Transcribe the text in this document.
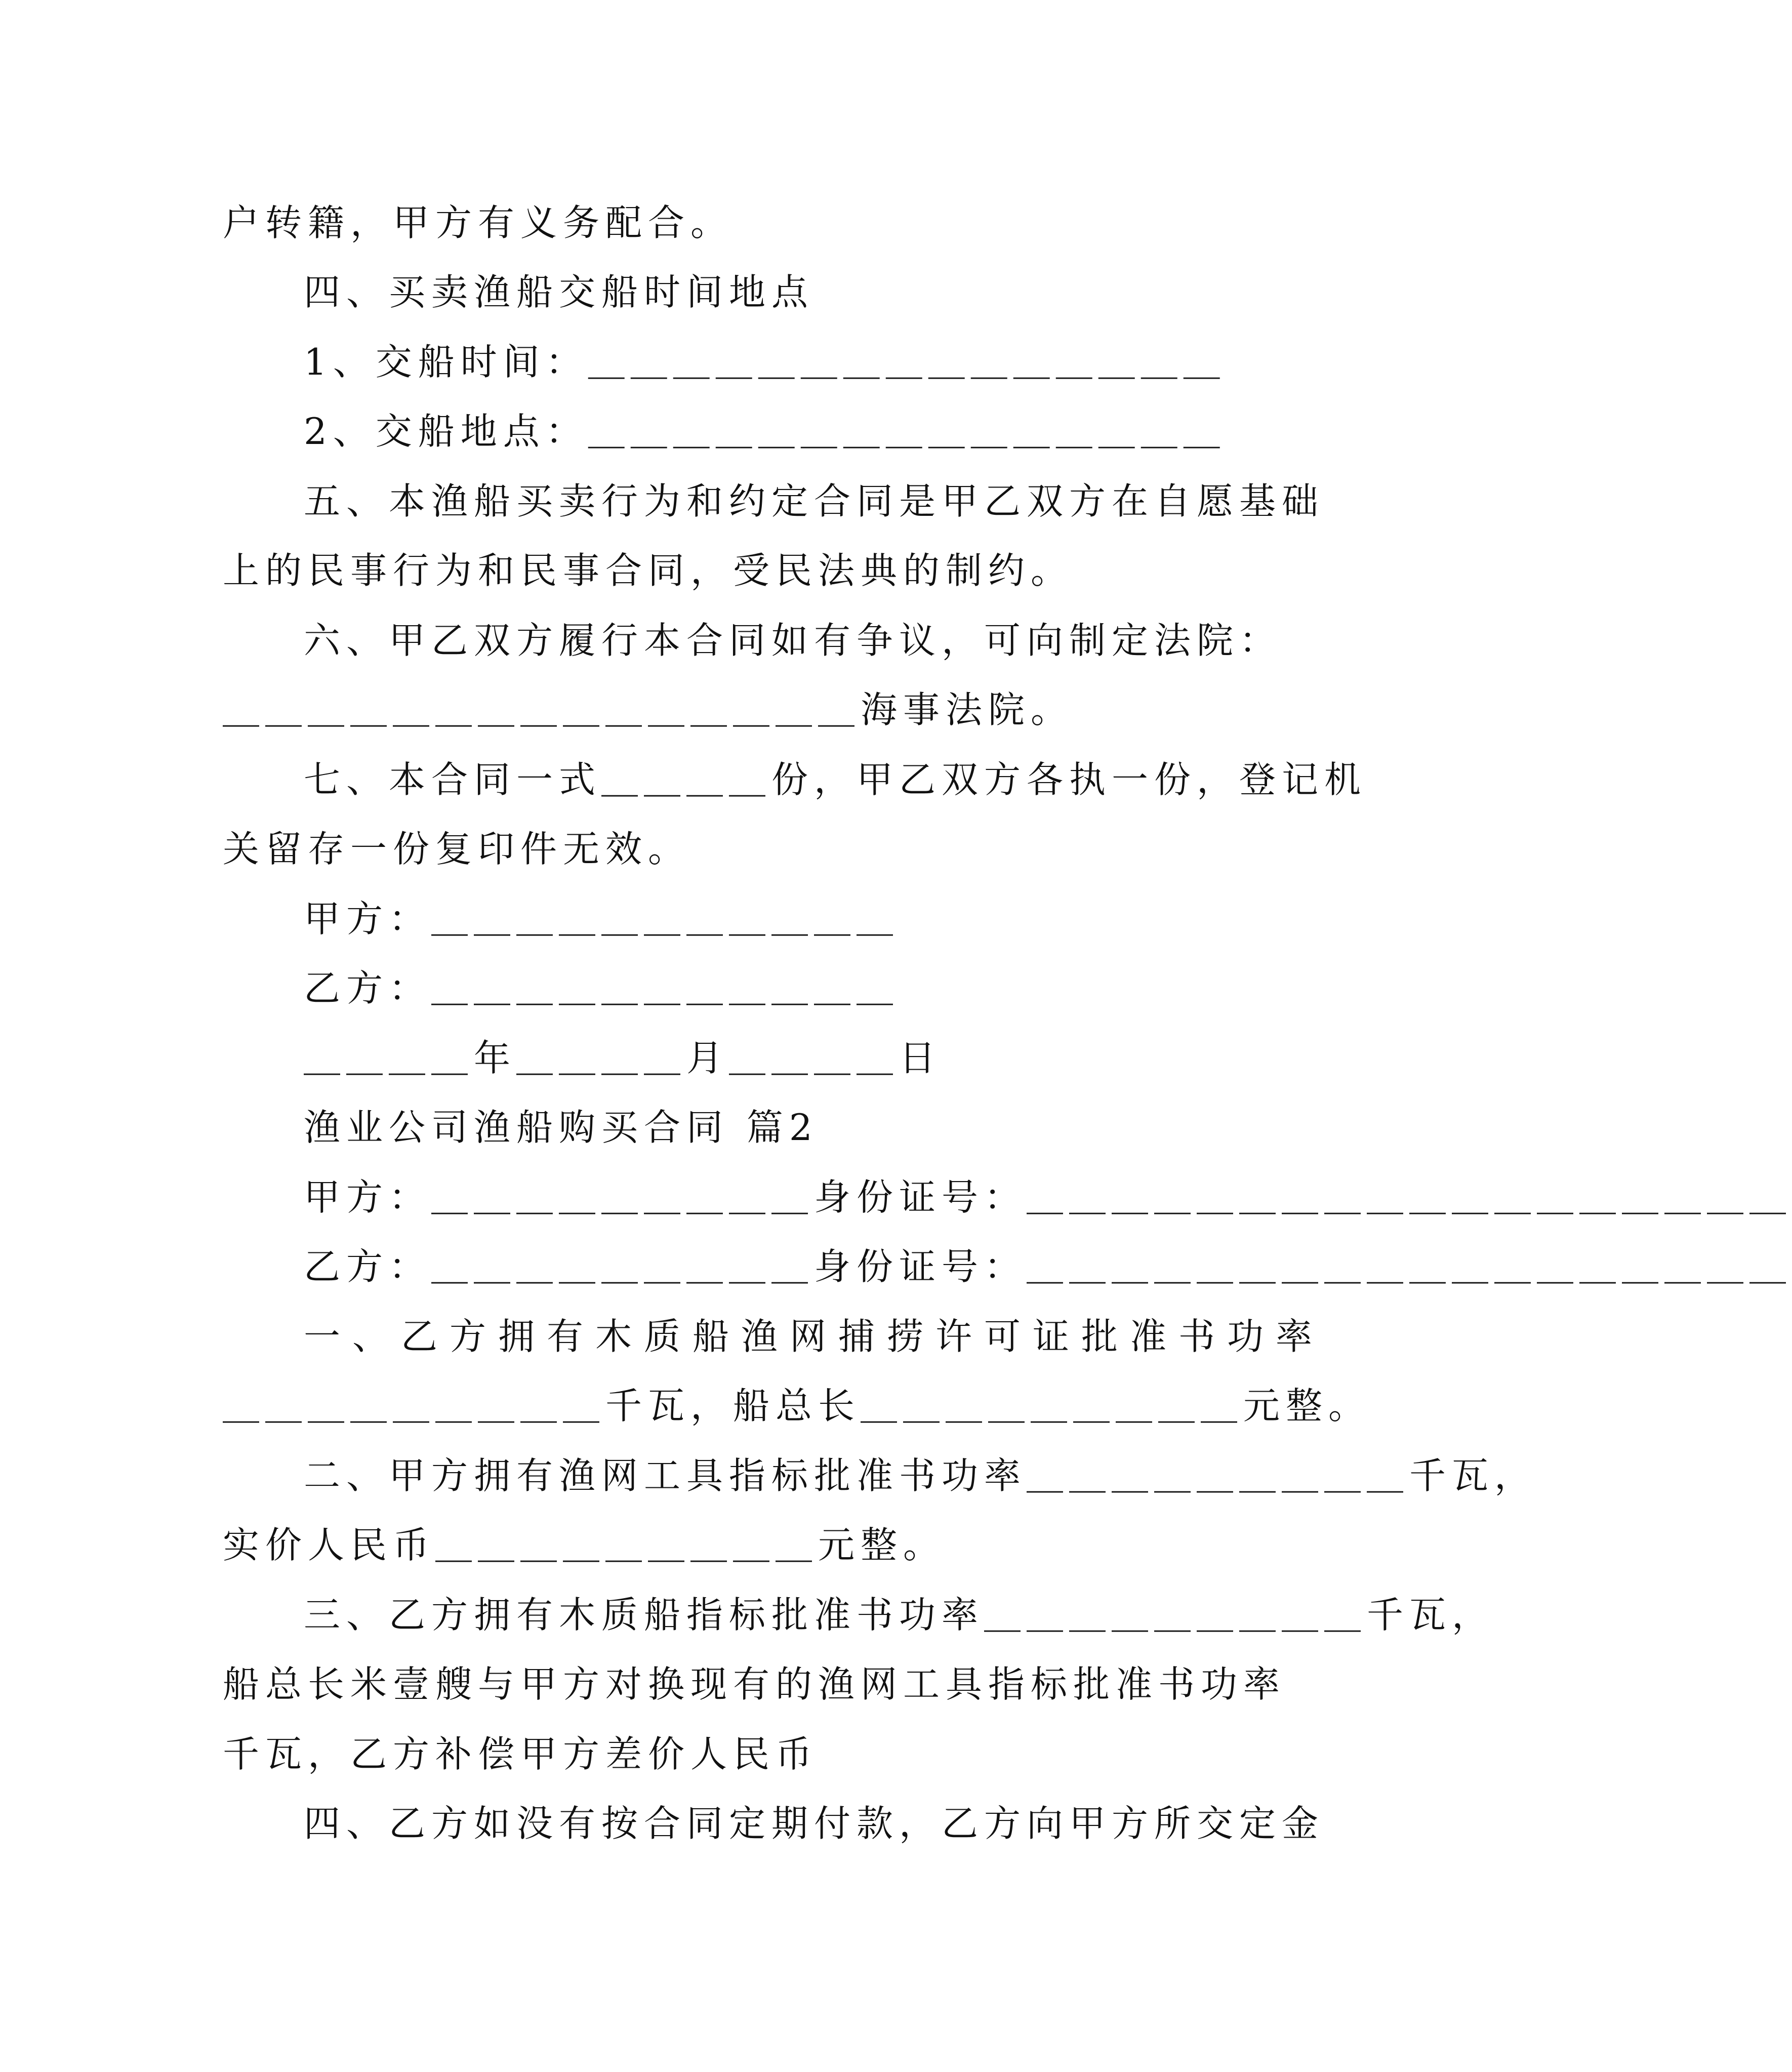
户转籍，甲方有义务配合。
四、买卖渔船交船时间地点
1、交船时间：＿＿＿＿＿＿＿＿＿＿＿＿＿＿＿
2、交船地点：＿＿＿＿＿＿＿＿＿＿＿＿＿＿＿
五、本渔船买卖行为和约定合同是甲乙双方在自愿基础
上的民事行为和民事合同，受民法典的制约。
六、甲乙双方履行本合同如有争议，可向制定法院：
＿＿＿＿＿＿＿＿＿＿＿＿＿＿＿海事法院。
七、本合同一式＿＿＿＿份，甲乙双方各执一份，登记机
关留存一份复印件无效。
甲方：＿＿＿＿＿＿＿＿＿＿＿
乙方：＿＿＿＿＿＿＿＿＿＿＿
＿＿＿＿年＿＿＿＿月＿＿＿＿日
渔业公司渔船购买合同 篇2
甲方：＿＿＿＿＿＿＿＿＿身份证号：＿＿＿＿＿＿＿＿＿＿＿＿＿＿＿＿＿＿
乙方：＿＿＿＿＿＿＿＿＿身份证号：＿＿＿＿＿＿＿＿＿＿＿＿＿＿＿＿＿＿
一、乙方拥有木质船渔网捕捞许可证批准书功率
＿＿＿＿＿＿＿＿＿千瓦，船总长＿＿＿＿＿＿＿＿＿元整。
二、甲方拥有渔网工具指标批准书功率＿＿＿＿＿＿＿＿＿千瓦，
实价人民币＿＿＿＿＿＿＿＿＿元整。
三、乙方拥有木质船指标批准书功率＿＿＿＿＿＿＿＿＿千瓦，
船总长米壹艘与甲方对换现有的渔网工具指标批准书功率
千瓦，乙方补偿甲方差价人民币
四、乙方如没有按合同定期付款，乙方向甲方所交定金
